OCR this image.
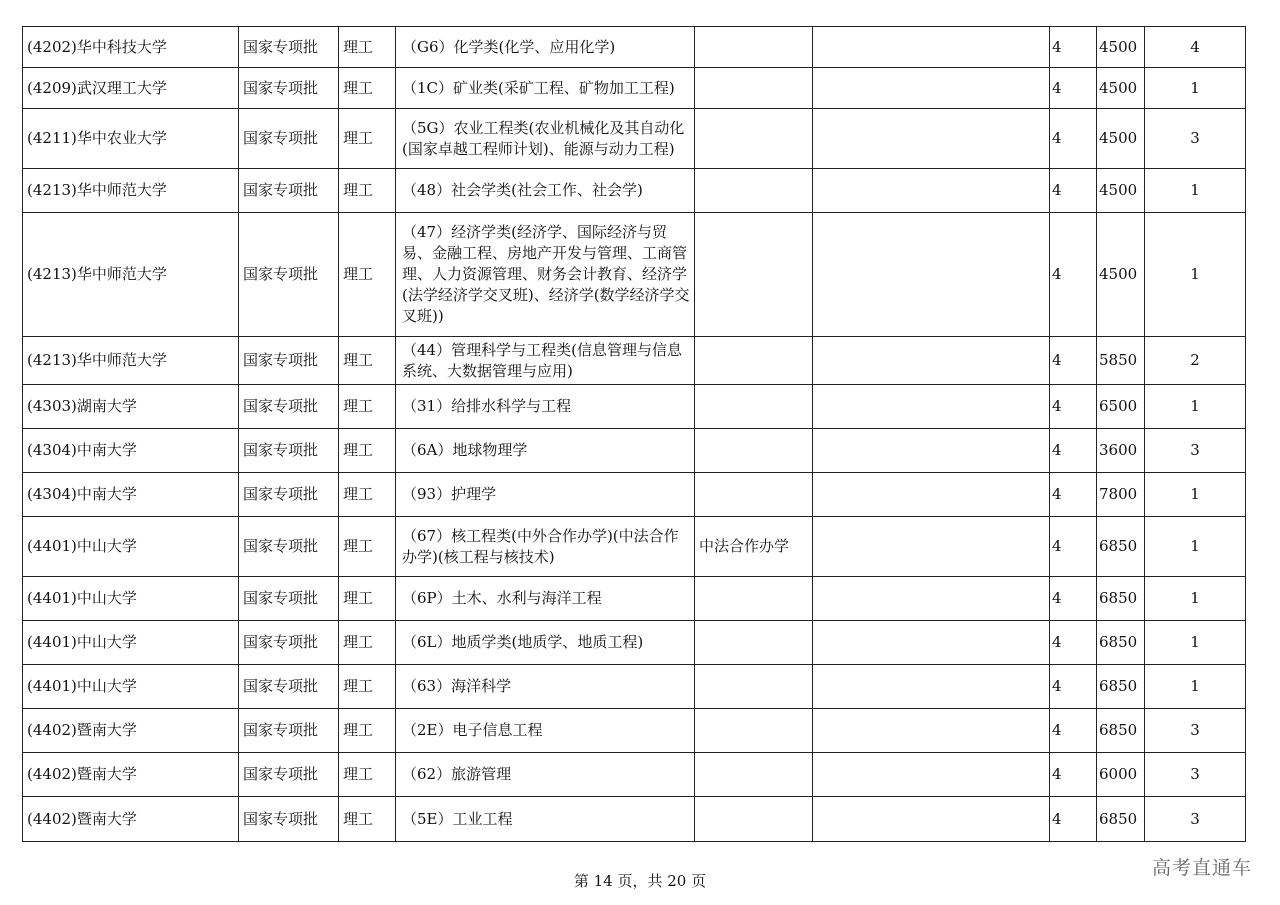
(4202)华中科技大学	国家专项批	理工	（G6）化学类(化学、应用化学)			4	4500	4
(4209)武汉理工大学	国家专项批	理工	（1C）矿业类(采矿工程、矿物加工工程)			4	4500	1
(4211)华中农业大学	国家专项批	理工	（5G）农业工程类(农业机械化及其自动化(国家卓越工程师计划)、能源与动力工程)			4	4500	3
(4213)华中师范大学	国家专项批	理工	（48）社会学类(社会工作、社会学)			4	4500	1
(4213)华中师范大学	国家专项批	理工	（47）经济学类(经济学、国际经济与贸易、金融工程、房地产开发与管理、工商管理、人力资源管理、财务会计教育、经济学(法学经济学交叉班)、经济学(数学经济学交叉班))			4	4500	1
(4213)华中师范大学	国家专项批	理工	（44）管理科学与工程类(信息管理与信息系统、大数据管理与应用)			4	5850	2
(4303)湖南大学	国家专项批	理工	（31）给排水科学与工程			4	6500	1
(4304)中南大学	国家专项批	理工	（6A）地球物理学			4	3600	3
(4304)中南大学	国家专项批	理工	（93）护理学			4	7800	1
(4401)中山大学	国家专项批	理工	（67）核工程类(中外合作办学)(中法合作办学)(核工程与核技术)	中法合作办学		4	6850	1
(4401)中山大学	国家专项批	理工	（6P）土木、水利与海洋工程			4	6850	1
(4401)中山大学	国家专项批	理工	（6L）地质学类(地质学、地质工程)			4	6850	1
(4401)中山大学	国家专项批	理工	（63）海洋科学			4	6850	1
(4402)暨南大学	国家专项批	理工	（2E）电子信息工程			4	6850	3
(4402)暨南大学	国家专项批	理工	（62）旅游管理			4	6000	3
(4402)暨南大学	国家专项批	理工	（5E）工业工程			4	6850	3
第 14 页，共 20 页
高考直通车
